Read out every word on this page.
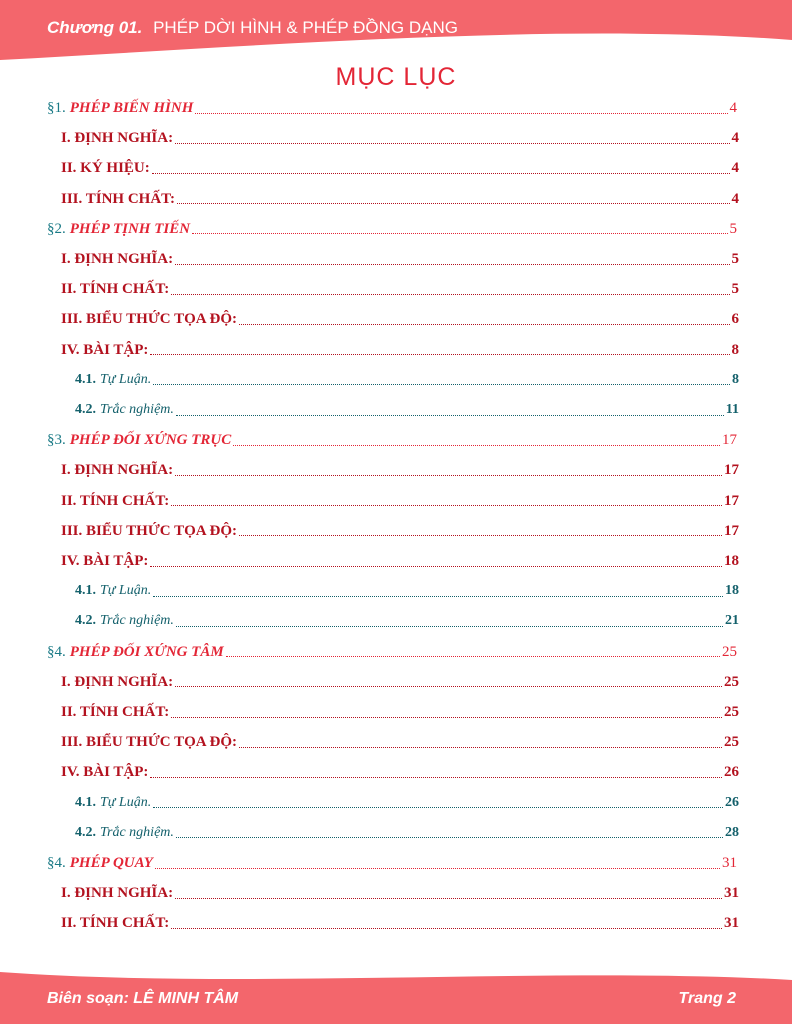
Chương 01. PHÉP DỜI HÌNH & PHÉP ĐỒNG DẠNG
MỤC LỤC
§1. PHÉP BIẾN HÌNH	4
I. ĐỊNH NGHĨA:	4
II. KÝ HIỆU:	4
III. TÍNH CHẤT:	4
§2. PHÉP TỊNH TIẾN	5
I. ĐỊNH NGHĨA:	5
II. TÍNH CHẤT:	5
III. BIỂU THỨC TỌA ĐỘ:	6
IV. BÀI TẬP:	8
4.1. Tự Luận.	8
4.2. Trắc nghiệm.	11
§3. PHÉP ĐỐI XỨNG TRỤC	17
I. ĐỊNH NGHĨA:	17
II. TÍNH CHẤT:	17
III. BIỂU THỨC TỌA ĐỘ:	17
IV. BÀI TẬP:	18
4.1. Tự Luận.	18
4.2. Trắc nghiệm.	21
§4. PHÉP ĐỐI XỨNG TÂM	25
I. ĐỊNH NGHĨA:	25
II. TÍNH CHẤT:	25
III. BIỂU THỨC TỌA ĐỘ:	25
IV. BÀI TẬP:	26
4.1. Tự Luận.	26
4.2. Trắc nghiệm.	28
§4. PHÉP QUAY	31
I. ĐỊNH NGHĨA:	31
II. TÍNH CHẤT:	31
Biên soạn: LÊ MINH TÂM	Trang 2
